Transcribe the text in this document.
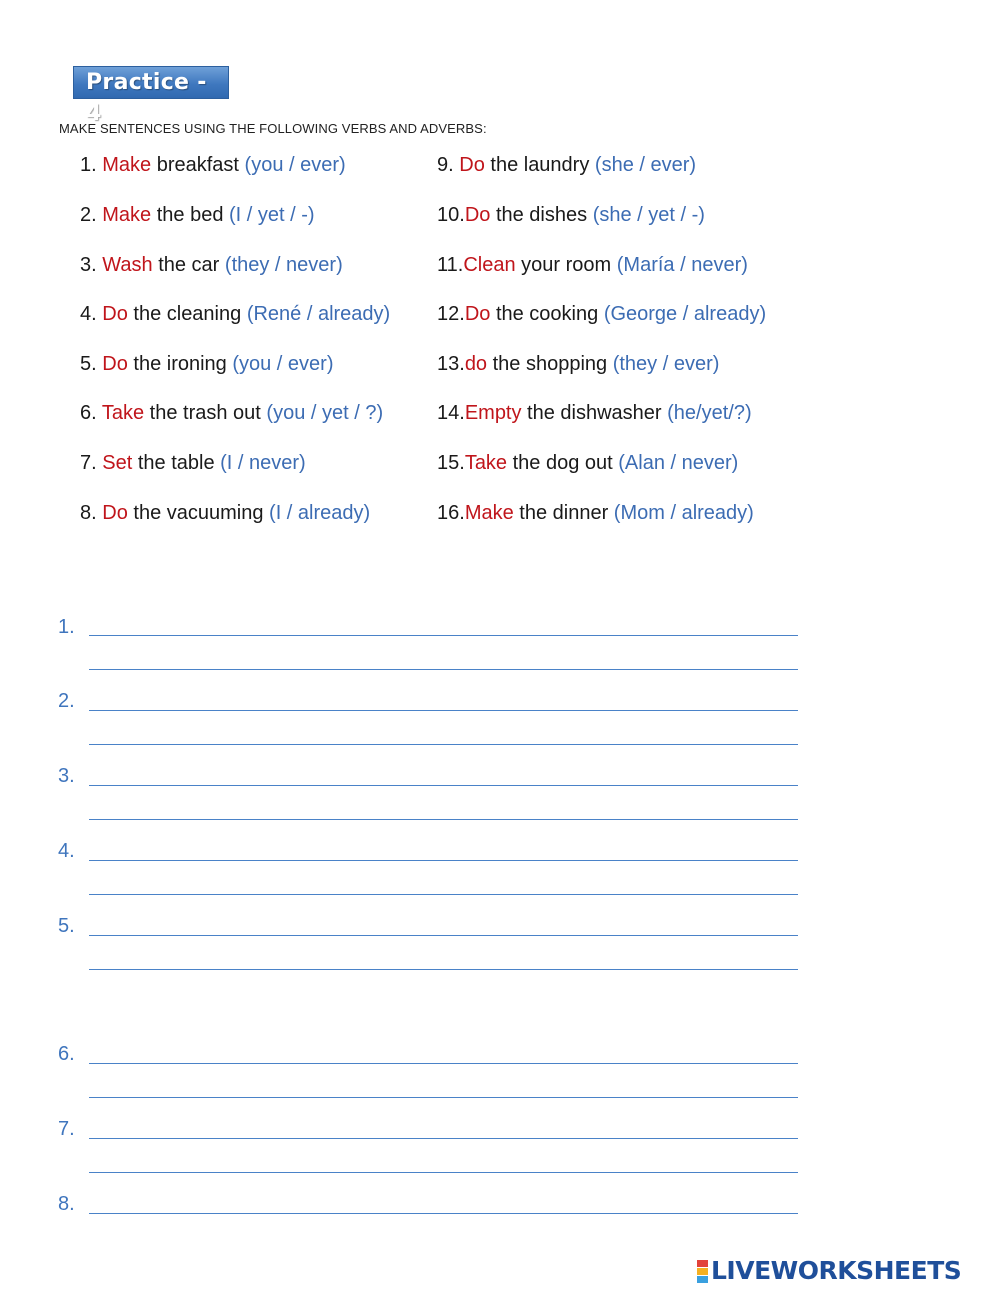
Practice - 4
MAKE SENTENCES USING THE FOLLOWING VERBS AND ADVERBS:
1. Make breakfast (you / ever)
2. Make the bed (I / yet / -)
3. Wash the car (they / never)
4. Do the cleaning (René / already)
5. Do the ironing (you / ever)
6. Take the trash out (you / yet / ?)
7. Set the table (I / never)
8. Do the vacuuming (I / already)
9. Do the laundry (she / ever)
10.Do the dishes (she / yet / -)
11.Clean your room (María / never)
12.Do the cooking (George / already)
13.do the shopping (they / ever)
14.Empty the dishwasher (he/yet/?)
15.Take the dog out (Alan / never)
16.Make the dinner (Mom / already)
1.
2.
3.
4.
5.
6.
7.
8.
LIVEWORKSHEETS
